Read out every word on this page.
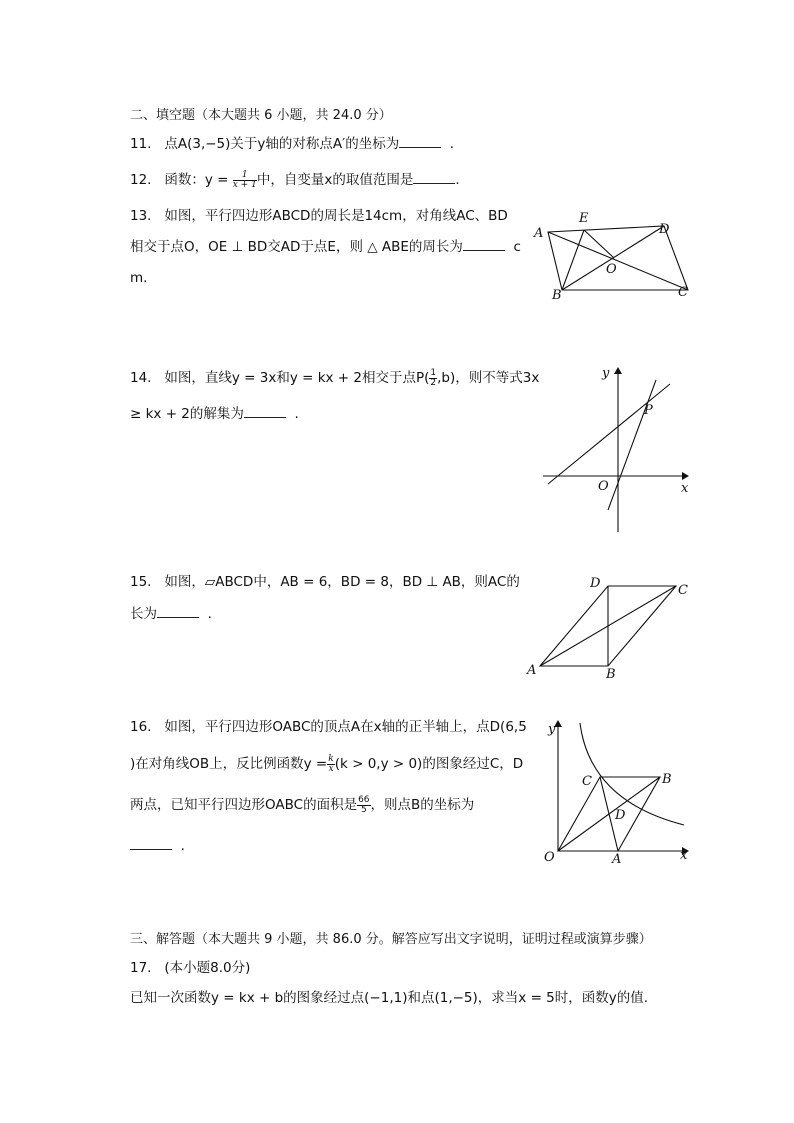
二、填空题（本大题共 6 小题，共 24.0 分）
11. 点A(3,−5)关于y轴的对称点A′的坐标为	.
12. 函数：$y = \frac{1}{x + 1}$ 中，自变量x的取值范围是	.
13. 如图，平行四边形ABCD的周长是14cm，对角线AC、BD
相交于点O，OE ⊥ BD交AD于点E，则 △ ABE的周长为	c
m.
A
E
D
O
B	C
14. 如图，直线y = 3x和y = kx + 2相交于点$P( \frac{1}{2} ,b)$，则不等式3x
≥ kx + 2的解集为	.
y
x
O
P
15. 如图，▱ABCD中，AB = 6，BD = 8，BD ⊥ AB，则AC的
长为	.
D	C
A	B
16. 如图，平行四边形OABC的顶点A在x轴的正半轴上，点D(6,5
)在对角线OB上，反比例函数$y = \frac{k}{x} (k > 0,y > 0)$的图象经过C，D
两点，已知平行四边形OABC的面积是 $\frac{66}{5}$ ，则点B的坐标为
.
y
x
O	A
C	B
D
三、解答题（本大题共 9 小题，共 86.0 分。解答应写出文字说明，证明过程或演算步骤）
17. (本小题8.0分)
已知一次函数y = kx + b的图象经过点(−1,1)和点(1,−5)，求当x = 5时，函数y的值.
